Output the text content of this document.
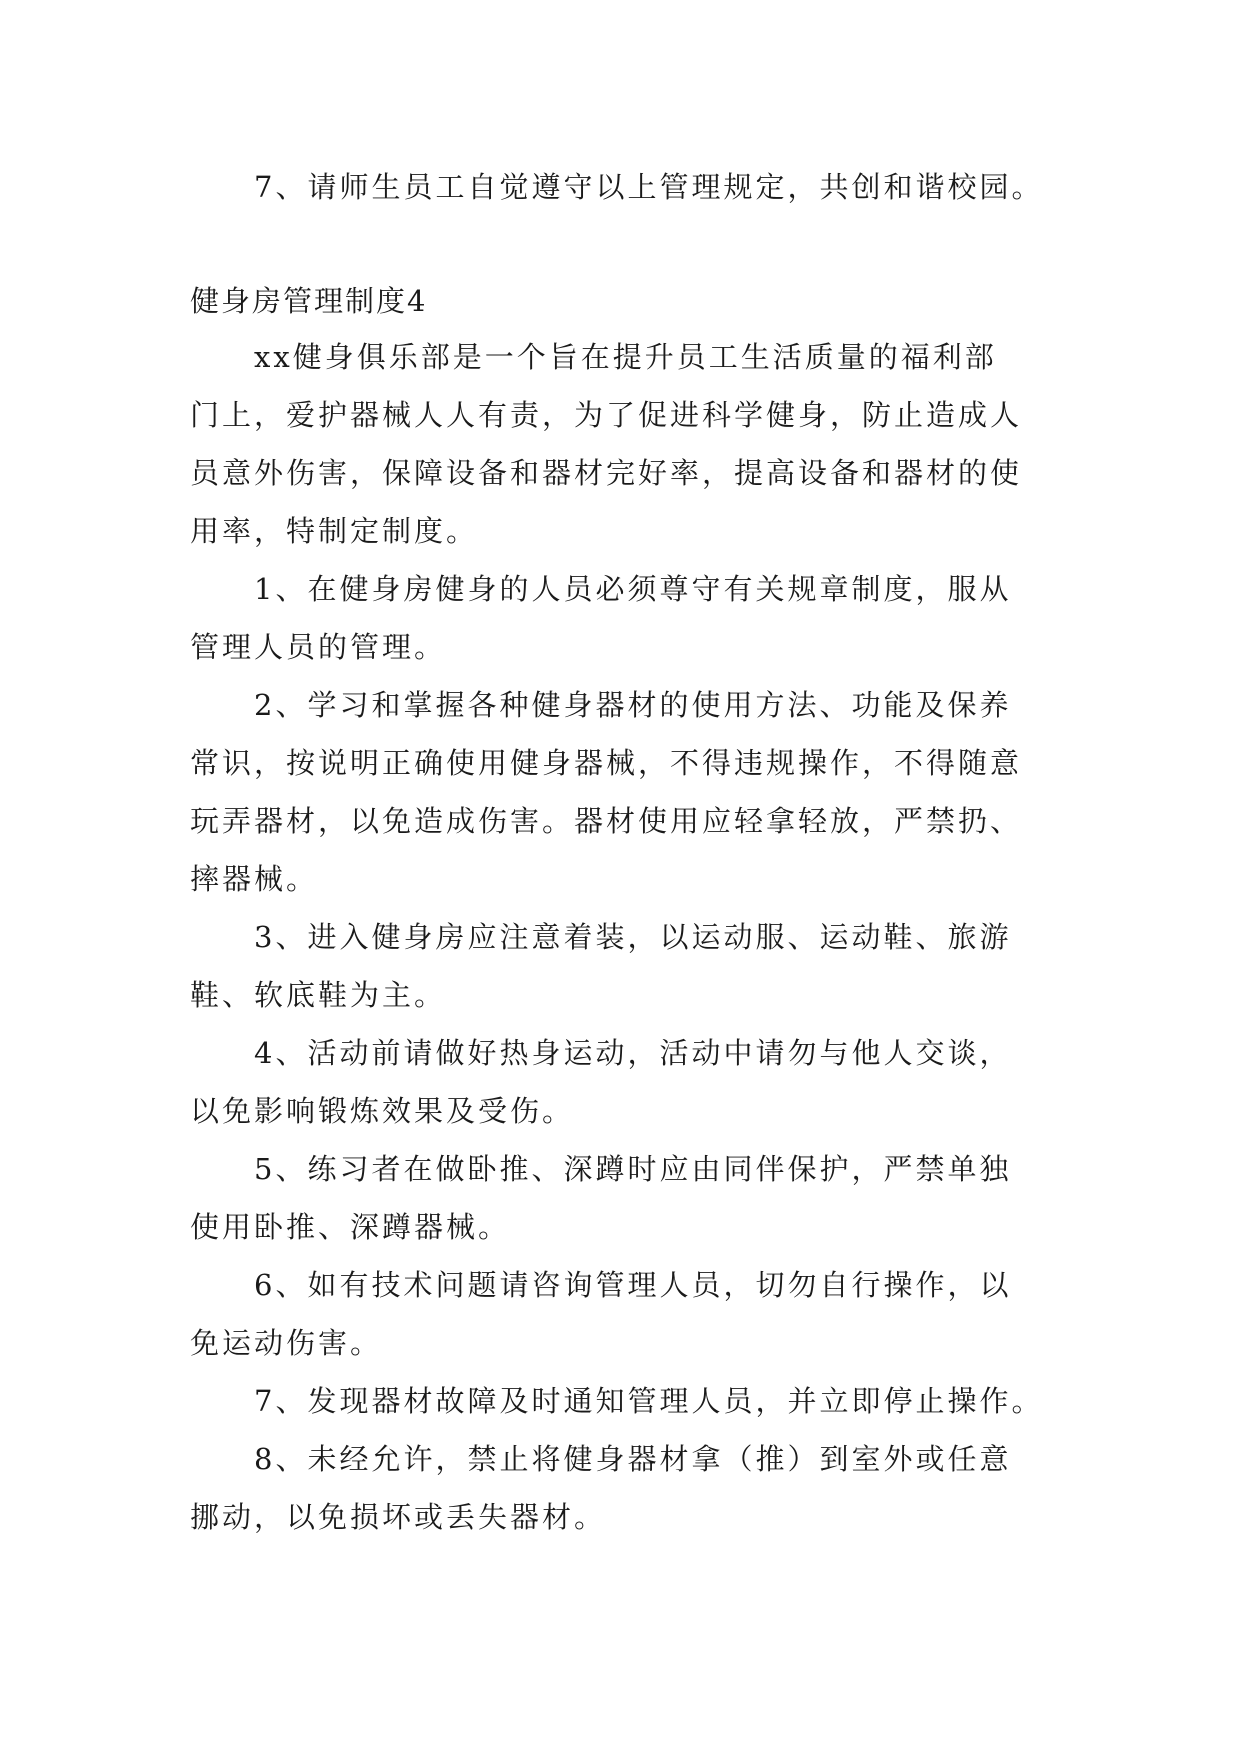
7、请师生员工自觉遵守以上管理规定，共创和谐校园。
健身房管理制度4
xx健身俱乐部是一个旨在提升员工生活质量的福利部
门上，爱护器械人人有责，为了促进科学健身，防止造成人
员意外伤害，保障设备和器材完好率，提高设备和器材的使
用率，特制定制度。
1、在健身房健身的人员必须尊守有关规章制度，服从
管理人员的管理。
2、学习和掌握各种健身器材的使用方法、功能及保养
常识，按说明正确使用健身器械，不得违规操作，不得随意
玩弄器材，以免造成伤害。器材使用应轻拿轻放，严禁扔、
摔器械。
3、进入健身房应注意着装，以运动服、运动鞋、旅游
鞋、软底鞋为主。
4、活动前请做好热身运动，活动中请勿与他人交谈，
以免影响锻炼效果及受伤。
5、练习者在做卧推、深蹲时应由同伴保护，严禁单独
使用卧推、深蹲器械。
6、如有技术问题请咨询管理人员，切勿自行操作，以
免运动伤害。
7、发现器材故障及时通知管理人员，并立即停止操作。
8、未经允许，禁止将健身器材拿（推）到室外或任意
挪动，以免损坏或丢失器材。
